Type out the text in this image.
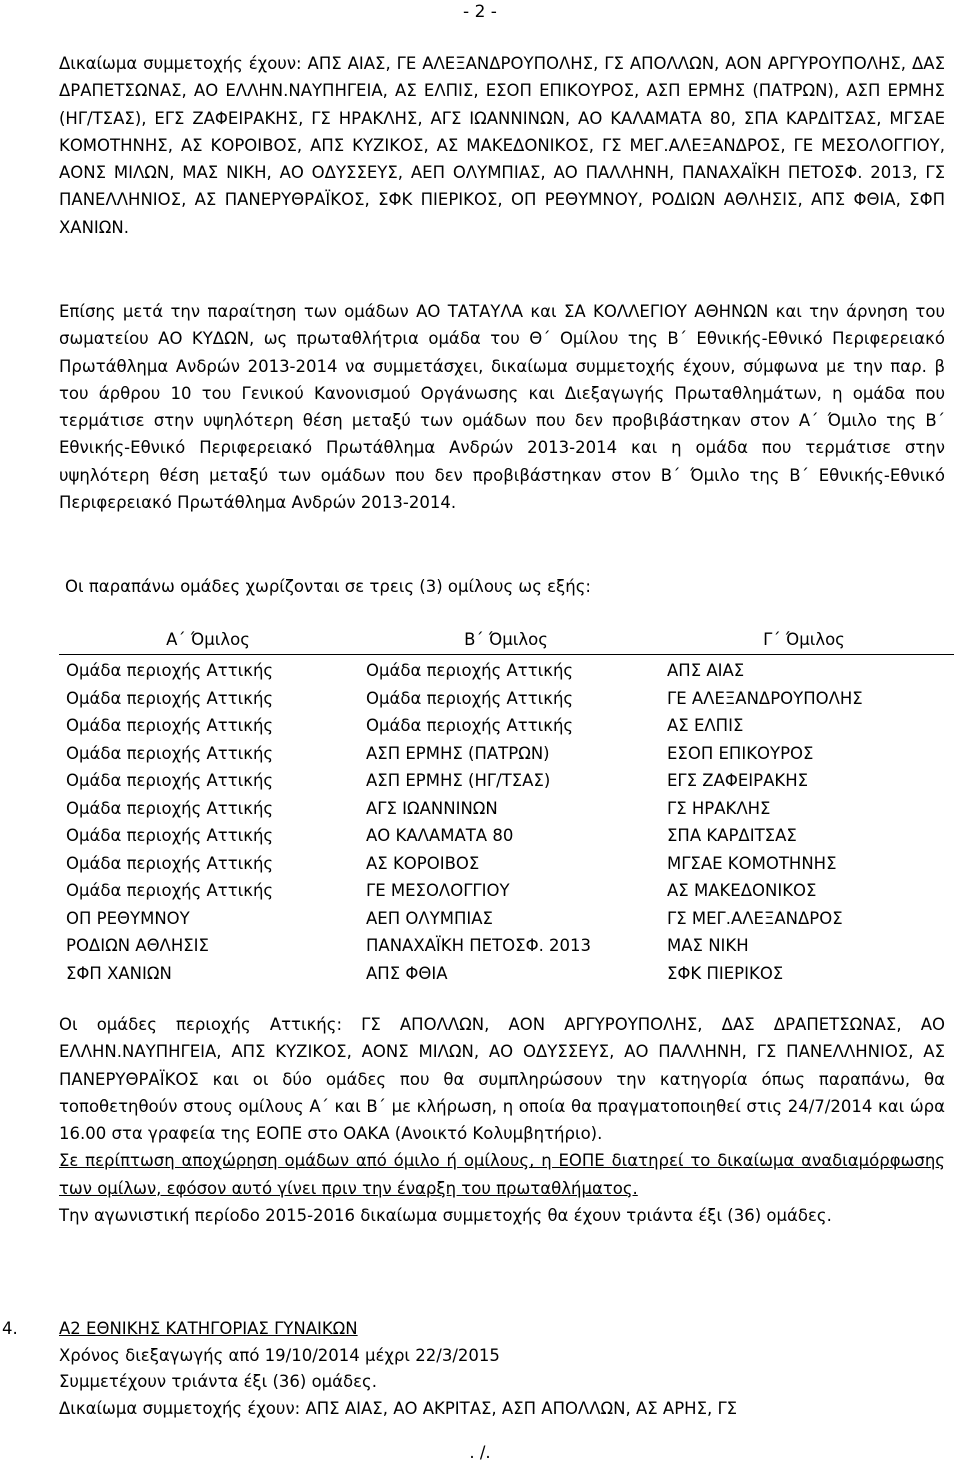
- 2 -
Δικαίωμα συμμετοχής έχουν: ΑΠΣ ΑΙΑΣ, ΓΕ ΑΛΕΞΑΝΔΡΟΥΠΟΛΗΣ, ΓΣ ΑΠΟΛΛΩΝ, ΑΟΝ ΑΡΓΥΡΟΥΠΟΛΗΣ, ΔΑΣ ΔΡΑΠΕΤΣΩΝΑΣ, ΑΟ ΕΛΛΗΝ.ΝΑΥΠΗΓΕΙΑ, ΑΣ ΕΛΠΙΣ, ΕΣΟΠ ΕΠΙΚΟΥΡΟΣ, ΑΣΠ ΕΡΜΗΣ (ΠΑΤΡΩΝ), ΑΣΠ ΕΡΜΗΣ (ΗΓ/ΤΣΑΣ), ΕΓΣ ΖΑΦΕΙΡΑΚΗΣ, ΓΣ ΗΡΑΚΛΗΣ, ΑΓΣ ΙΩΑΝΝΙΝΩΝ, ΑΟ ΚΑΛΑΜΑΤΑ 80, ΣΠΑ ΚΑΡΔΙΤΣΑΣ, ΜΓΣΑΕ ΚΟΜΟΤΗΝΗΣ, ΑΣ ΚΟΡΟΙΒΟΣ, ΑΠΣ ΚΥΖΙΚΟΣ, ΑΣ ΜΑΚΕΔΟΝΙΚΟΣ, ΓΣ ΜΕΓ.ΑΛΕΞΑΝΔΡΟΣ, ΓΕ ΜΕΣΟΛΟΓΓΙΟΥ, ΑΟΝΣ ΜΙΛΩΝ, ΜΑΣ ΝΙΚΗ, ΑΟ ΟΔΥΣΣΕΥΣ, ΑΕΠ ΟΛΥΜΠΙΑΣ, ΑΟ ΠΑΛΛΗΝΗ, ΠΑΝΑΧΑΪΚΗ ΠΕΤΟΣΦ. 2013, ΓΣ ΠΑΝΕΛΛΗΝΙΟΣ, ΑΣ ΠΑΝΕΡΥΘΡΑΪΚΟΣ, ΣΦΚ ΠΙΕΡΙΚΟΣ, ΟΠ ΡΕΘΥΜΝΟΥ, ΡΟΔΙΩΝ ΑΘΛΗΣΙΣ, ΑΠΣ ΦΘΙΑ, ΣΦΠ ΧΑΝΙΩΝ.
Επίσης μετά την παραίτηση των ομάδων ΑΟ ΤΑΤΑΥΛΑ και ΣΑ ΚΟΛΛΕΓΙΟΥ ΑΘΗΝΩΝ και την άρνηση του σωματείου ΑΟ ΚΥΔΩΝ, ως πρωταθλήτρια ομάδα του Θ΄ Ομίλου της Β΄ Εθνικής-Εθνικό Περιφερειακό Πρωτάθλημα Ανδρών 2013-2014 να συμμετάσχει, δικαίωμα συμμετοχής έχουν, σύμφωνα με την παρ. β του άρθρου 10 του Γενικού Κανονισμού Οργάνωσης και Διεξαγωγής Πρωταθλημάτων, η ομάδα που τερμάτισε στην υψηλότερη θέση μεταξύ των ομάδων που δεν προβιβάστηκαν στον Α΄ Όμιλο της Β΄ Εθνικής-Εθνικό Περιφερειακό Πρωτάθλημα Ανδρών 2013-2014 και η ομάδα που τερμάτισε στην υψηλότερη θέση μεταξύ των ομάδων που δεν προβιβάστηκαν στον Β΄ Όμιλο της Β΄ Εθνικής-Εθνικό Περιφερειακό Πρωτάθλημα Ανδρών 2013-2014.
Οι παραπάνω ομάδες χωρίζονται σε τρεις (3) ομίλους ως εξής:
Α΄ Όμιλος	Β΄ Όμιλος	Γ΄ Όμιλος
Ομάδα περιοχής Αττικής	Ομάδα περιοχής Αττικής	ΑΠΣ ΑΙΑΣ
Ομάδα περιοχής Αττικής	Ομάδα περιοχής Αττικής	ΓΕ ΑΛΕΞΑΝΔΡΟΥΠΟΛΗΣ
Ομάδα περιοχής Αττικής	Ομάδα περιοχής Αττικής	ΑΣ ΕΛΠΙΣ
Ομάδα περιοχής Αττικής	ΑΣΠ ΕΡΜΗΣ (ΠΑΤΡΩΝ)	ΕΣΟΠ ΕΠΙΚΟΥΡΟΣ
Ομάδα περιοχής Αττικής	ΑΣΠ ΕΡΜΗΣ (ΗΓ/ΤΣΑΣ)	ΕΓΣ ΖΑΦΕΙΡΑΚΗΣ
Ομάδα περιοχής Αττικής	ΑΓΣ ΙΩΑΝΝΙΝΩΝ	ΓΣ ΗΡΑΚΛΗΣ
Ομάδα περιοχής Αττικής	ΑΟ ΚΑΛΑΜΑΤΑ 80	ΣΠΑ ΚΑΡΔΙΤΣΑΣ
Ομάδα περιοχής Αττικής	ΑΣ ΚΟΡΟΙΒΟΣ	ΜΓΣΑΕ ΚΟΜΟΤΗΝΗΣ
Ομάδα περιοχής Αττικής	ΓΕ ΜΕΣΟΛΟΓΓΙΟΥ	ΑΣ ΜΑΚΕΔΟΝΙΚΟΣ
ΟΠ ΡΕΘΥΜΝΟΥ	ΑΕΠ ΟΛΥΜΠΙΑΣ	ΓΣ ΜΕΓ.ΑΛΕΞΑΝΔΡΟΣ
ΡΟΔΙΩΝ ΑΘΛΗΣΙΣ	ΠΑΝΑΧΑΪΚΗ ΠΕΤΟΣΦ. 2013	ΜΑΣ ΝΙΚΗ
ΣΦΠ ΧΑΝΙΩΝ	ΑΠΣ ΦΘΙΑ	ΣΦΚ ΠΙΕΡΙΚΟΣ
Οι ομάδες περιοχής Αττικής: ΓΣ ΑΠΟΛΛΩΝ, ΑΟΝ ΑΡΓΥΡΟΥΠΟΛΗΣ, ΔΑΣ ΔΡΑΠΕΤΣΩΝΑΣ, ΑΟ ΕΛΛΗΝ.ΝΑΥΠΗΓΕΙΑ, ΑΠΣ ΚΥΖΙΚΟΣ, ΑΟΝΣ ΜΙΛΩΝ, ΑΟ ΟΔΥΣΣΕΥΣ, ΑΟ ΠΑΛΛΗΝΗ, ΓΣ ΠΑΝΕΛΛΗΝΙΟΣ, ΑΣ ΠΑΝΕΡΥΘΡΑΪΚΟΣ και οι δύο ομάδες που θα συμπληρώσουν την κατηγορία όπως παραπάνω, θα τοποθετηθούν στους ομίλους Α΄ και Β΄ με κλήρωση, η οποία θα πραγματοποιηθεί στις 24/7/2014 και ώρα 16.00 στα γραφεία της ΕΟΠΕ στο ΟΑΚΑ (Ανοικτό Κολυμβητήριο).
Σε περίπτωση αποχώρηση ομάδων από όμιλο ή ομίλους, η ΕΟΠΕ διατηρεί το δικαίωμα αναδιαμόρφωσης των ομίλων, εφόσον αυτό γίνει πριν την έναρξη του πρωταθλήματος.
Την αγωνιστική περίοδο 2015-2016 δικαίωμα συμμετοχής θα έχουν τριάντα έξι (36) ομάδες.
4.	Α2 ΕΘΝΙΚΗΣ ΚΑΤΗΓΟΡΙΑΣ ΓΥΝΑΙΚΩΝ
Χρόνος διεξαγωγής από 19/10/2014 μέχρι 22/3/2015
Συμμετέχουν τριάντα έξι (36) ομάδες.
Δικαίωμα συμμετοχής έχουν: ΑΠΣ ΑΙΑΣ, ΑΟ ΑΚΡΙΤΑΣ, ΑΣΠ ΑΠΟΛΛΩΝ, ΑΣ ΑΡΗΣ, ΓΣ
. /.
